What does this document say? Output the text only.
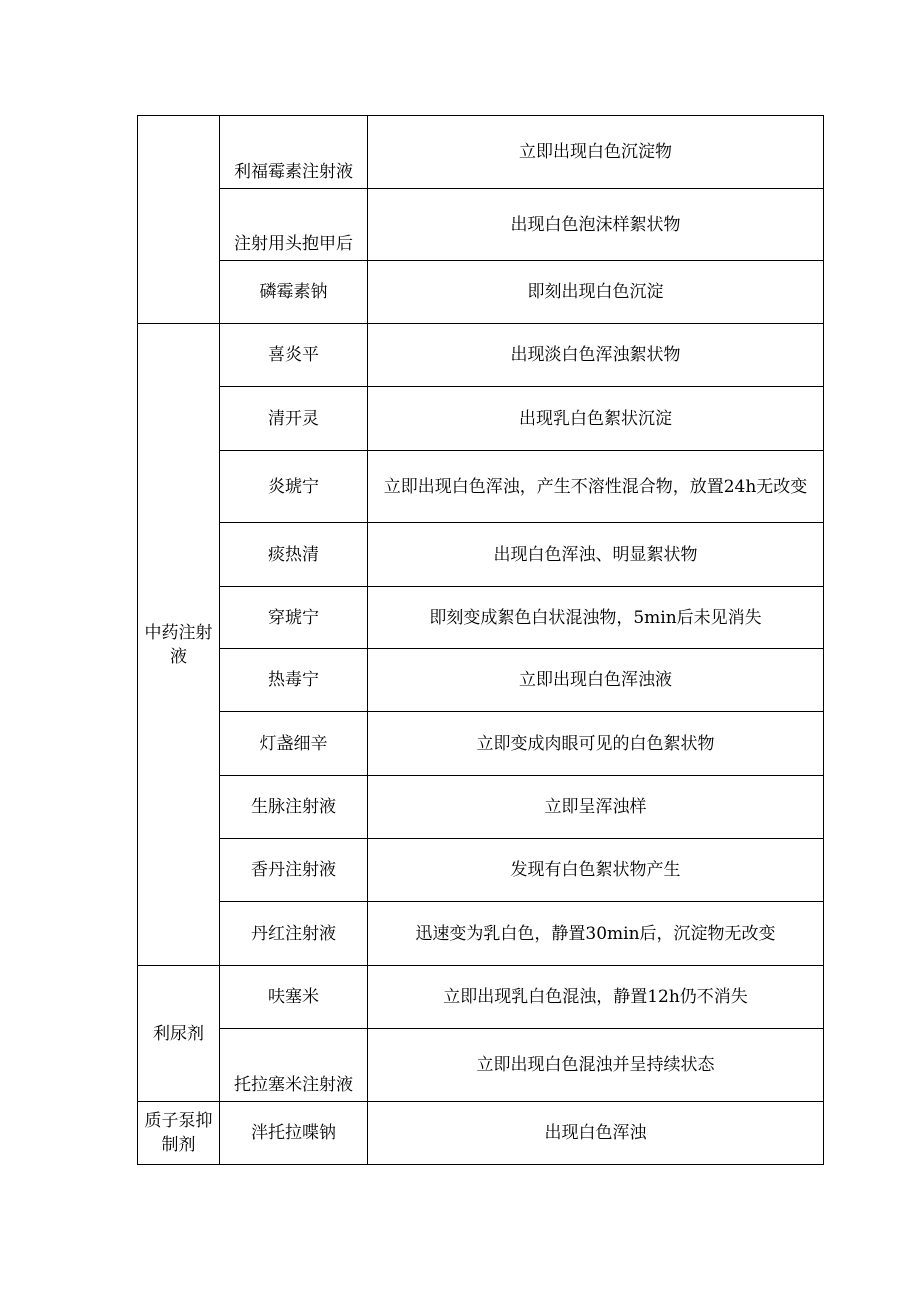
	利福霉素注射液	立即出现白色沉淀物
	注射用头抱甲后	出现白色泡沫样絮状物
	磷霉素钠	即刻出现白色沉淀
中药注射液	喜炎平	出现淡白色浑浊絮状物
	清开灵	出现乳白色絮状沉淀
	炎琥宁	立即出现白色浑浊，产生不溶性混合物，放置24h无改变
	痰热清	出现白色浑浊、明显絮状物
	穿琥宁	即刻变成絮色白状混浊物，5min后未见消失
	热毒宁	立即出现白色浑浊液
	灯盏细辛	立即变成肉眼可见的白色絮状物
	生脉注射液	立即呈浑浊样
	香丹注射液	发现有白色絮状物产生
	丹红注射液	迅速变为乳白色，静置30min后，沉淀物无改变
利尿剂	呋塞米	立即出现乳白色混浊，静置12h仍不消失
	托拉塞米注射液	立即出现白色混浊并呈持续状态
质子泵抑制剂	泮托拉喋钠	出现白色浑浊
